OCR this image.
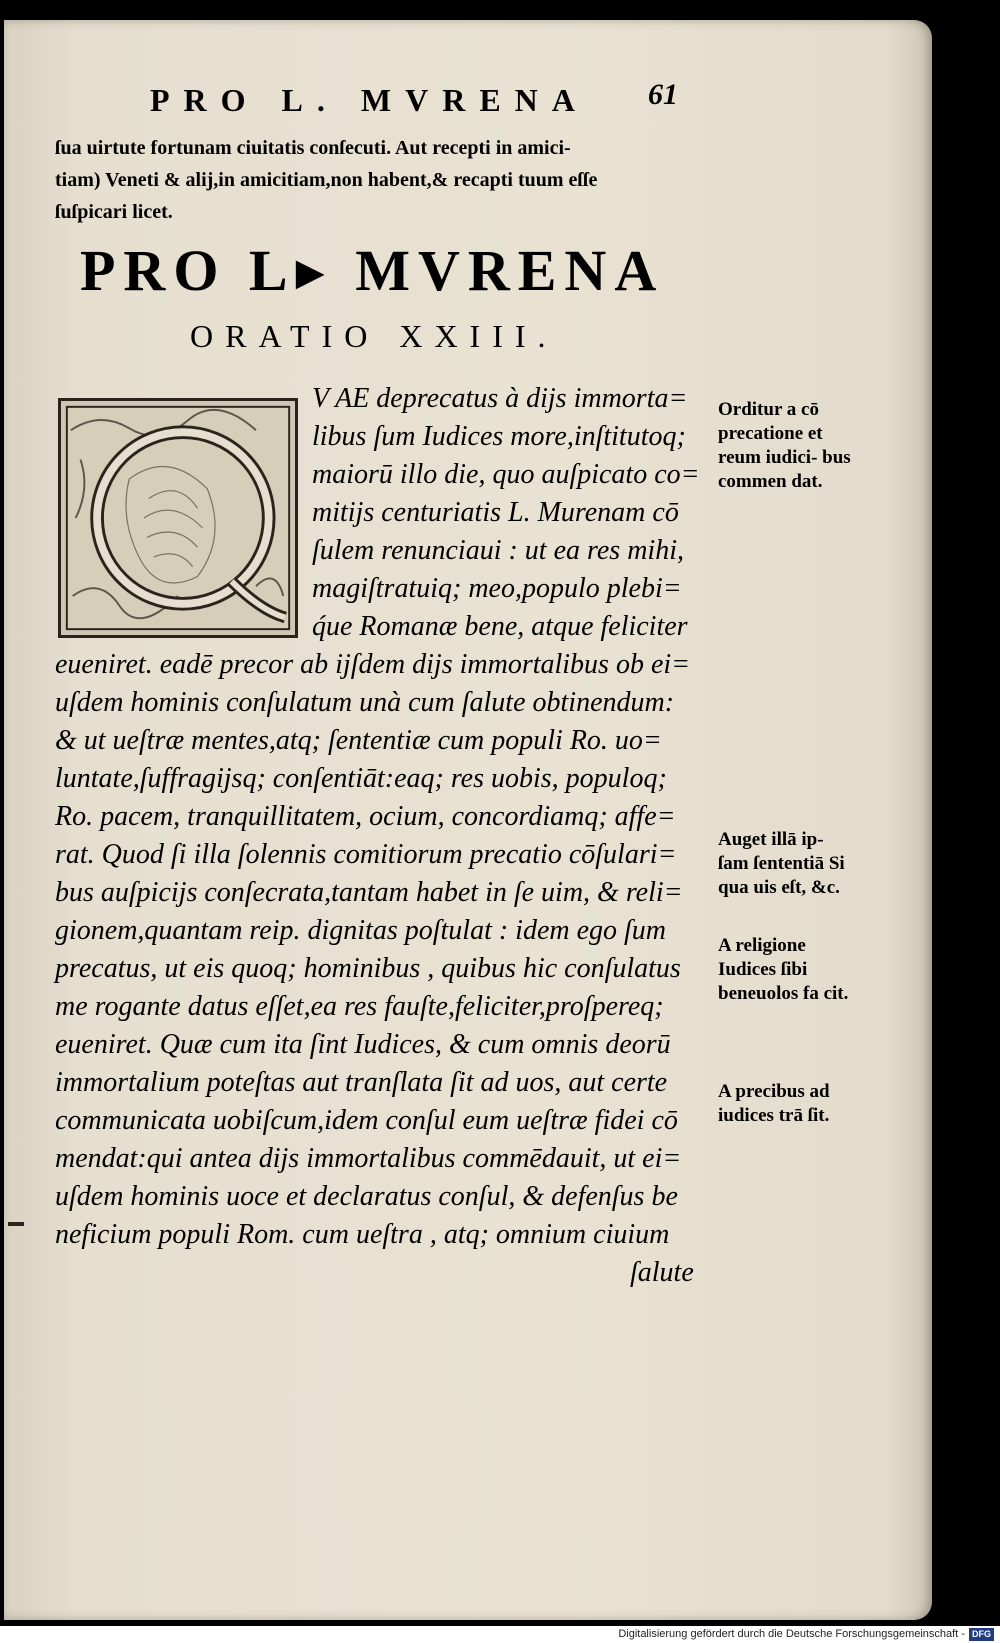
PRO L. MVRENA	61
ſua uirtute fortunam ciuitatis conſecuti. Aut recepti in amici-
tiam) Veneti & alij,in amicitiam,non habent,& recapti tuum eſſe
ſuſpicari licet.
PRO L▸ MVRENA
ORATIO XXIII.
V AE deprecatus à dijs immorta=
libus ſum Iudices more,inſtitutoq;
maiorū illo die, quo auſpicato co=
mitijs centuriatis L. Murenam cō
ſulem renunciaui : ut ea res mihi,
magiſtratuiq; meo,populo plebi=
q́ue Romanæ bene, atque feliciter
eueniret. eadē precor ab ijſdem dijs immortalibus ob ei=
uſdem hominis conſulatum unà cum ſalute obtinendum:
& ut ueſtræ mentes,atq; ſententiæ cum populi Ro. uo=
luntate,ſuffragijsq; conſentiāt:eaq; res uobis, populoq;
Ro. pacem, tranquillitatem, ocium, concordiamq; affe=
rat. Quod ſi illa ſolennis comitiorum precatio cōſulari=
bus auſpicijs conſecrata,tantam habet in ſe uim, & reli=
gionem,quantam reip. dignitas poſtulat : idem ego ſum
precatus, ut eis quoq; hominibus , quibus hic conſulatus
me rogante datus eſſet,ea res fauſte,feliciter,proſpereq;
eueniret. Quæ cum ita ſint Iudices, & cum omnis deorū
immortalium poteſtas aut tranſlata ſit ad uos, aut certe
communicata uobiſcum,idem conſul eum ueſtræ fidei cō
mendat:qui antea dijs immortalibus commēdauit, ut ei=
uſdem hominis uoce et declaratus conſul, & defenſus be
neficium populi Rom. cum ueſtra , atq; omnium ciuium
ſalute
Orditur a cō precatione et reum iudici- bus commen dat.
Auget illā ip- ſam ſententiā Si qua uis eſt, &c.
A religione Iudices ſibi beneuolos fa cit.
A precibus ad iudices trā ſit.
Digitalisierung gefördert durch die Deutsche Forschungsgemeinschaft - DFG
